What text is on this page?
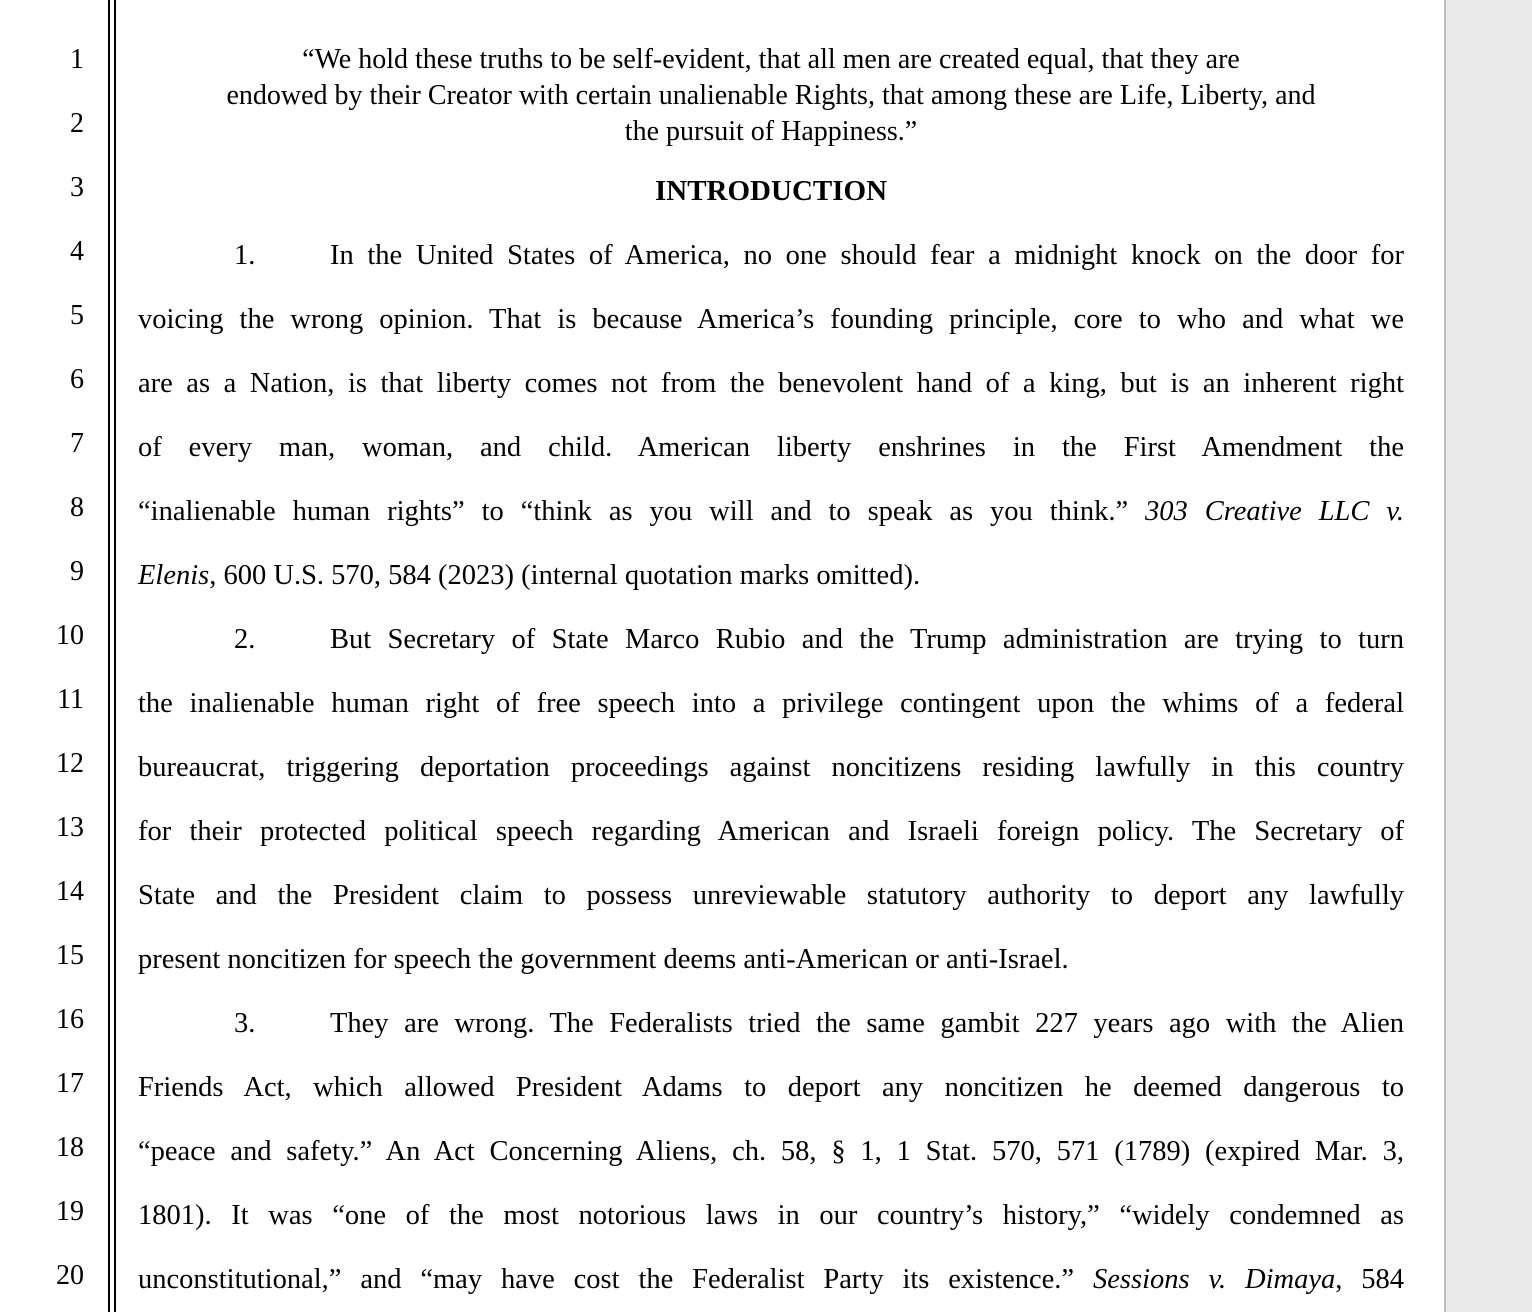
1
2
3
4
5
6
7
8
9
10
11
12
13
14
15
16
17
18
19
20
“We hold these truths to be self-evident, that all men are created equal, that they are
endowed by their Creator with certain unalienable Rights, that among these are Life, Liberty, and
the pursuit of Happiness.”
INTRODUCTION
1.	In the United States of America, no one should fear a midnight knock on the door for
voicing the wrong opinion. That is because America’s founding principle, core to who and what we
are as a Nation, is that liberty comes not from the benevolent hand of a king, but is an inherent right
of every man, woman, and child. American liberty enshrines in the First Amendment the
“inalienable human rights” to “think as you will and to speak as you think.” 303 Creative LLC v.
Elenis, 600 U.S. 570, 584 (2023) (internal quotation marks omitted).
2.	But Secretary of State Marco Rubio and the Trump administration are trying to turn
the inalienable human right of free speech into a privilege contingent upon the whims of a federal
bureaucrat, triggering deportation proceedings against noncitizens residing lawfully in this country
for their protected political speech regarding American and Israeli foreign policy. The Secretary of
State and the President claim to possess unreviewable statutory authority to deport any lawfully
present noncitizen for speech the government deems anti-American or anti-Israel.
3.	They are wrong. The Federalists tried the same gambit 227 years ago with the Alien
Friends Act, which allowed President Adams to deport any noncitizen he deemed dangerous to
“peace and safety.” An Act Concerning Aliens, ch. 58, § 1, 1 Stat. 570, 571 (1789) (expired Mar. 3,
1801). It was “one of the most notorious laws in our country’s history,” “widely condemned as
unconstitutional,” and “may have cost the Federalist Party its existence.” Sessions v. Dimaya, 584
